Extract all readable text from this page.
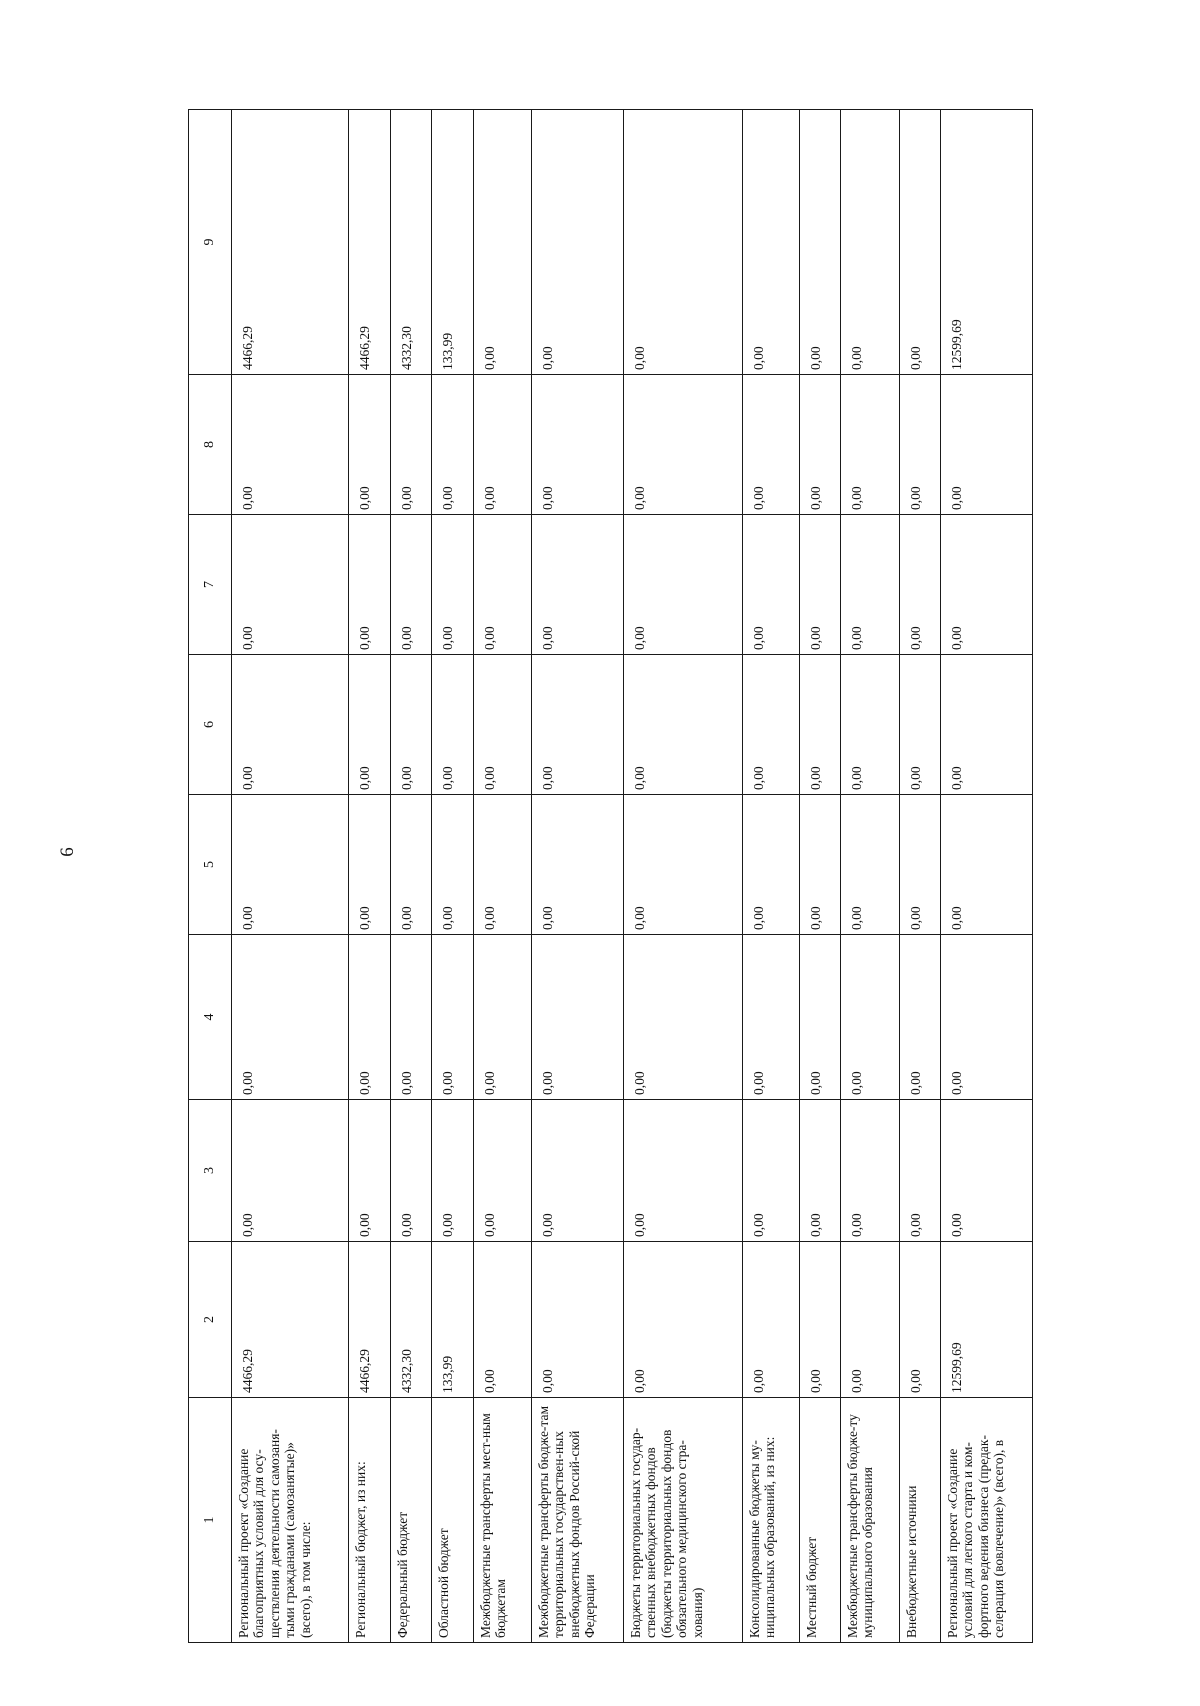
6
1	2	3	4	5	6	7	8	9
Региональный проект «Создание благоприятных условий для осу-ществления деятельности самозаня-тыми гражданами (самозанятые)» (всего), в том числе:	4466,29	0,00	0,00	0,00	0,00	0,00	0,00	4466,29
Региональный бюджет, из них:	4466,29	0,00	0,00	0,00	0,00	0,00	0,00	4466,29
Федеральный бюджет	4332,30	0,00	0,00	0,00	0,00	0,00	0,00	4332,30
Областной бюджет	133,99	0,00	0,00	0,00	0,00	0,00	0,00	133,99
Межбюджетные трансферты мест-ным бюджетам	0,00	0,00	0,00	0,00	0,00	0,00	0,00	0,00
Межбюджетные трансферты бюдже-там территориальных государствен-ных внебюджетных фондов Россий-ской Федерации	0,00	0,00	0,00	0,00	0,00	0,00	0,00	0,00
Бюджеты территориальных государ-ственных внебюджетных фондов (бюджеты территориальных фондов обязательного медицинского стра-хования)	0,00	0,00	0,00	0,00	0,00	0,00	0,00	0,00
Консолидированные бюджеты му-ниципальных образований, из них:	0,00	0,00	0,00	0,00	0,00	0,00	0,00	0,00
Местный бюджет	0,00	0,00	0,00	0,00	0,00	0,00	0,00	0,00
Межбюджетные трансферты бюдже-ту муниципального образования	0,00	0,00	0,00	0,00	0,00	0,00	0,00	0,00
Внебюджетные источники	0,00	0,00	0,00	0,00	0,00	0,00	0,00	0,00
Региональный проект «Создание условий для легкого старта и ком-фортного ведения бизнеса (предак-селерация (вовлечение)» (всего), в	12599,69	0,00	0,00	0,00	0,00	0,00	0,00	12599,69
